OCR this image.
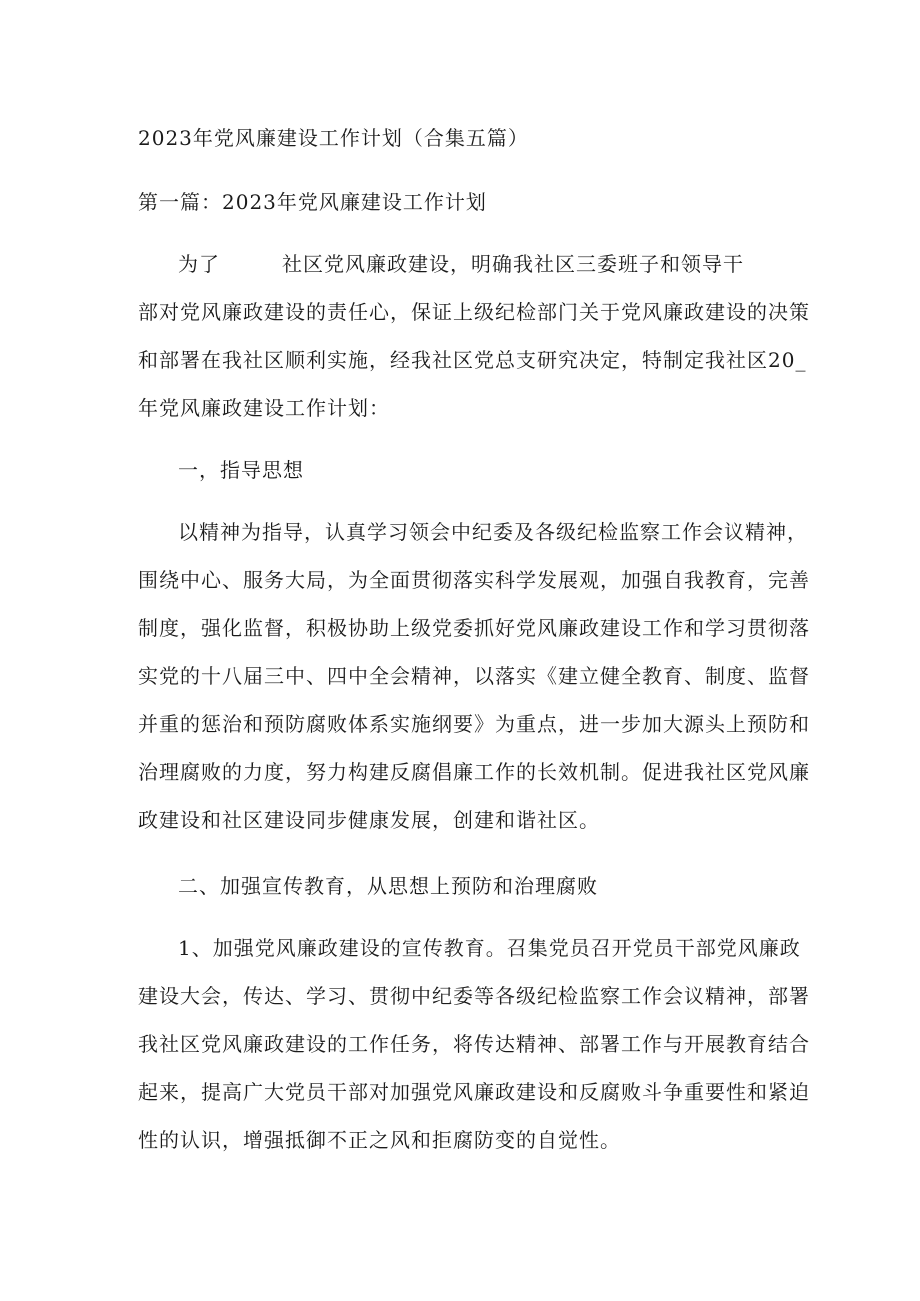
2023年党风廉建设工作计划（合集五篇）

第一篇：2023年党风廉建设工作计划

为了	社区党风廉政建设，明确我社区三委班子和领导干

部对党风廉政建设的责任心，保证上级纪检部门关于党风廉政建设的决策

和部署在我社区顺利实施，经我社区党总支研究决定，特制定我社区20_

年党风廉政建设工作计划：

一，指导思想

以精神为指导，认真学习领会中纪委及各级纪检监察工作会议精神，

围绕中心、服务大局，为全面贯彻落实科学发展观，加强自我教育，完善

制度，强化监督，积极协助上级党委抓好党风廉政建设工作和学习贯彻落

实党的十八届三中、四中全会精神，以落实《建立健全教育、制度、监督

并重的惩治和预防腐败体系实施纲要》为重点，进一步加大源头上预防和

治理腐败的力度，努力构建反腐倡廉工作的长效机制。促进我社区党风廉

政建设和社区建设同步健康发展，创建和谐社区。

二、加强宣传教育，从思想上预防和治理腐败

1、加强党风廉政建设的宣传教育。召集党员召开党员干部党风廉政

建设大会，传达、学习、贯彻中纪委等各级纪检监察工作会议精神，部署

我社区党风廉政建设的工作任务，将传达精神、部署工作与开展教育结合

起来，提高广大党员干部对加强党风廉政建设和反腐败斗争重要性和紧迫

性的认识，增强抵御不正之风和拒腐防变的自觉性。
